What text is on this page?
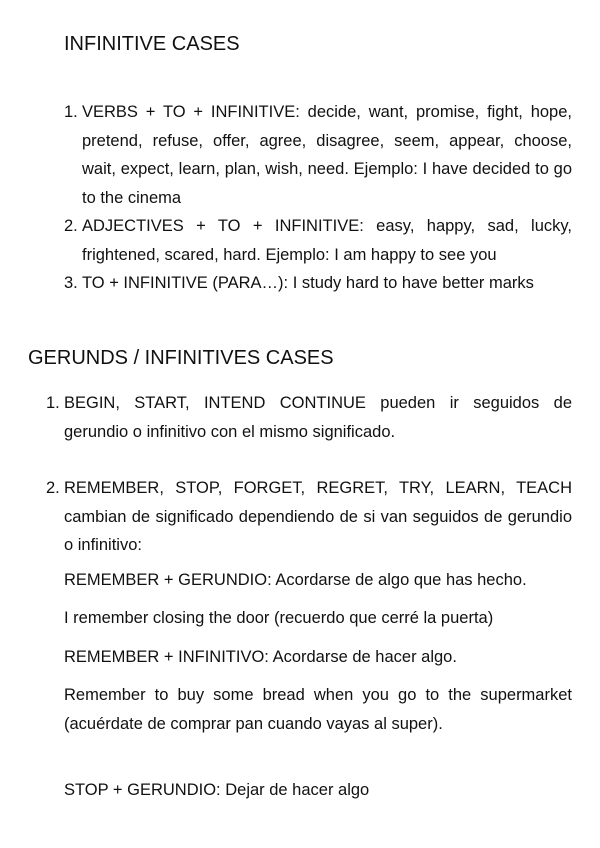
INFINITIVE CASES
1. VERBS + TO + INFINITIVE: decide, want, promise, fight, hope, pretend, refuse, offer, agree, disagree, seem, appear, choose, wait, expect, learn, plan, wish, need. Ejemplo: I have decided to go to the cinema
2. ADJECTIVES + TO + INFINITIVE: easy, happy, sad, lucky, frightened, scared, hard. Ejemplo: I am happy to see you
3. TO + INFINITIVE (PARA…): I study hard to have better marks
GERUNDS / INFINITIVES CASES
1. BEGIN, START, INTEND CONTINUE pueden ir seguidos de gerundio o infinitivo con el mismo significado.
2. REMEMBER, STOP, FORGET, REGRET, TRY, LEARN, TEACH cambian de significado dependiendo de si van seguidos de gerundio o infinitivo:

REMEMBER + GERUNDIO: Acordarse de algo que has hecho.

I remember closing the door (recuerdo que cerré la puerta)

REMEMBER + INFINITIVO: Acordarse de hacer algo.

Remember to buy some bread when you go to the supermarket (acuérdate de comprar pan cuando vayas al super).

STOP + GERUNDIO: Dejar de hacer algo
